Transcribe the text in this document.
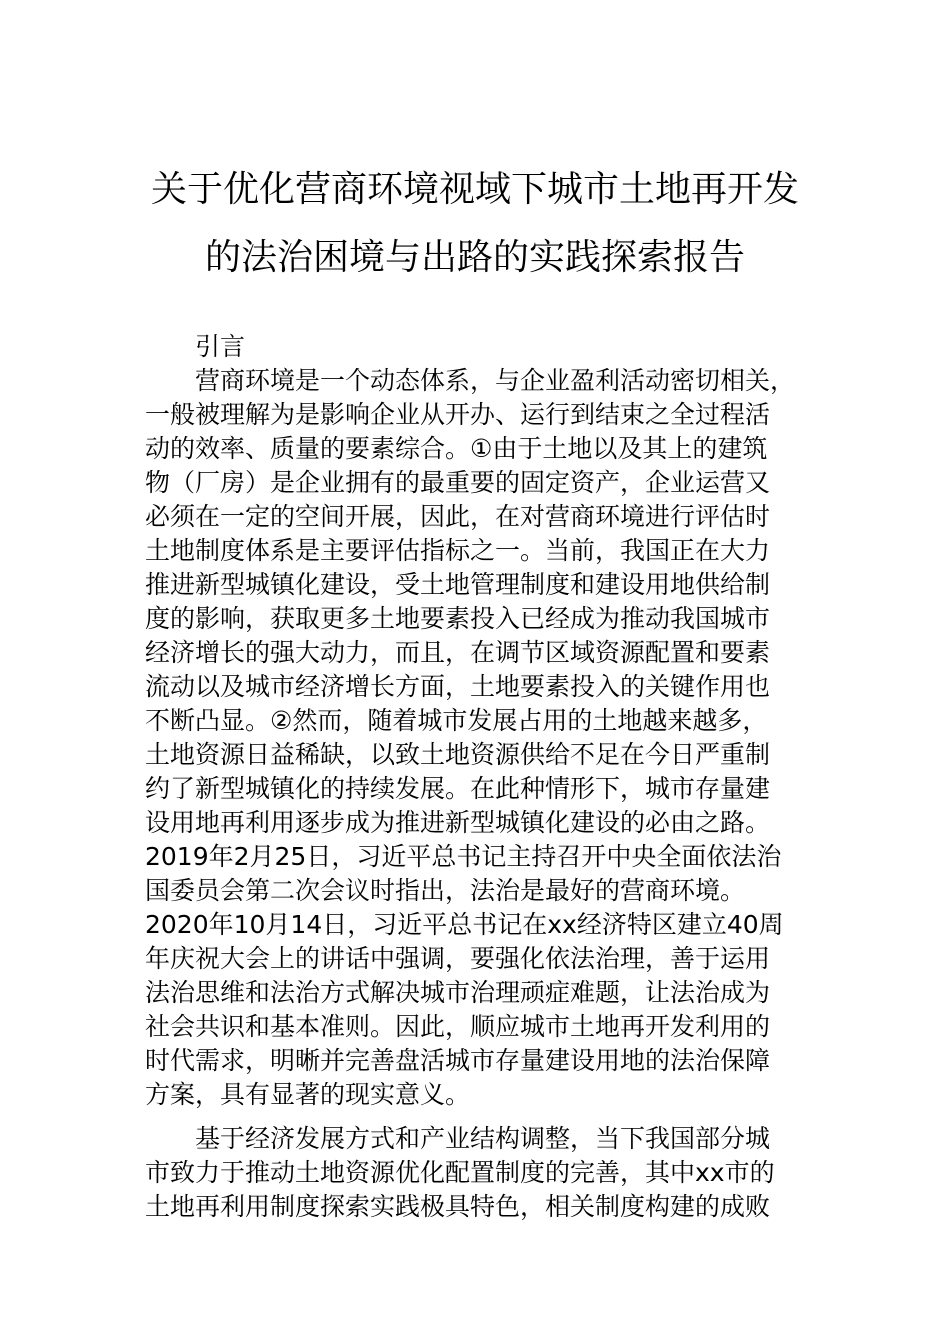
关于优化营商环境视域下城市土地再开发
的法治困境与出路的实践探索报告
引言
营商环境是一个动态体系，与企业盈利活动密切相关，
一般被理解为是影响企业从开办、运行到结束之全过程活
动的效率、质量的要素综合。①由于土地以及其上的建筑
物（厂房）是企业拥有的最重要的固定资产，企业运营又
必须在一定的空间开展，因此，在对营商环境进行评估时
土地制度体系是主要评估指标之一。当前，我国正在大力
推进新型城镇化建设，受土地管理制度和建设用地供给制
度的影响，获取更多土地要素投入已经成为推动我国城市
经济增长的强大动力，而且，在调节区域资源配置和要素
流动以及城市经济增长方面，土地要素投入的关键作用也
不断凸显。②然而，随着城市发展占用的土地越来越多，
土地资源日益稀缺，以致土地资源供给不足在今日严重制
约了新型城镇化的持续发展。在此种情形下，城市存量建
设用地再利用逐步成为推进新型城镇化建设的必由之路。
2019年2月25日，习近平总书记主持召开中央全面依法治
国委员会第二次会议时指出，法治是最好的营商环境。
2020年10月14日，习近平总书记在xx经济特区建立40周
年庆祝大会上的讲话中强调，要强化依法治理，善于运用
法治思维和法治方式解决城市治理顽症难题，让法治成为
社会共识和基本准则。因此，顺应城市土地再开发利用的
时代需求，明晰并完善盘活城市存量建设用地的法治保障
方案，具有显著的现实意义。
基于经济发展方式和产业结构调整，当下我国部分城
市致力于推动土地资源优化配置制度的完善，其中xx市的
土地再利用制度探索实践极具特色，相关制度构建的成败
